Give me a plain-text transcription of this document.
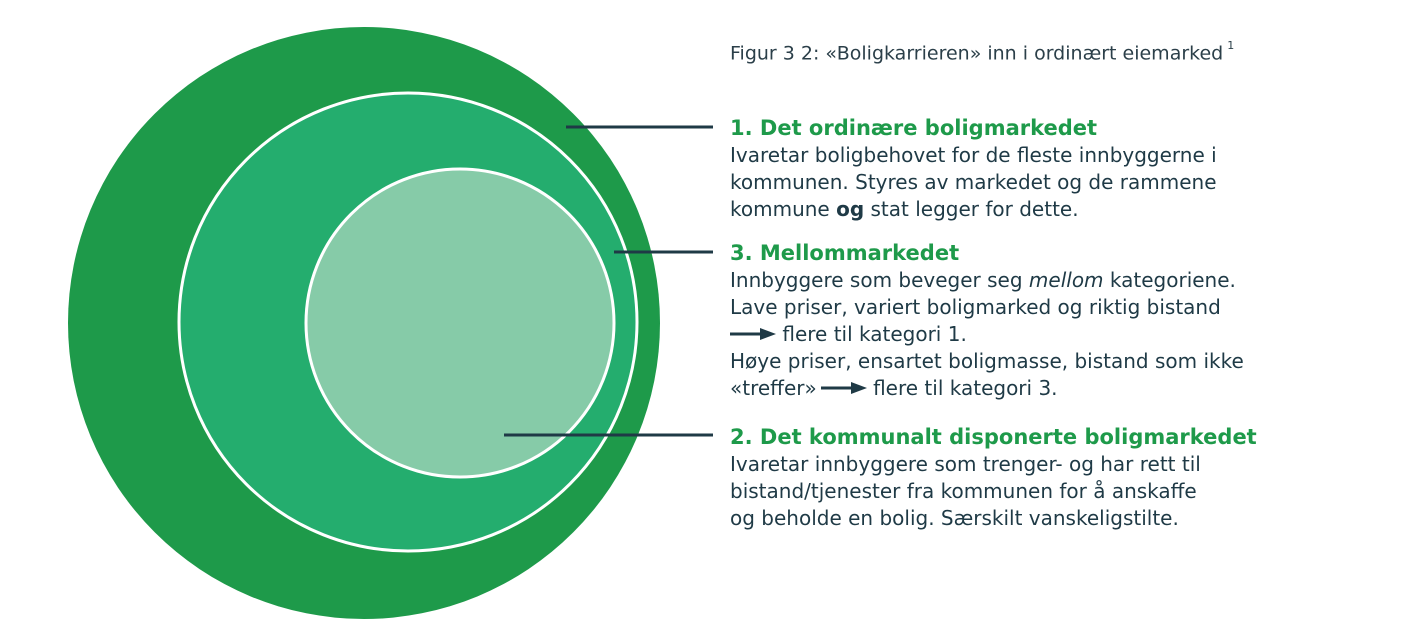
Figur 3 2: «Boligkarrieren» inn i ordinært eiemarked $^1$
1. Det ordinære boligmarkedet
Ivaretar boligbehovet for de fleste innbyggerne i
kommunen. Styres av markedet og de rammene
kommune og stat legger for dette.
3. Mellommarkedet
Innbyggere som beveger seg mellom kategoriene.
Lave priser, variert boligmarked og riktig bistand
flere til kategori 1.
Høye priser, ensartet boligmasse, bistand som ikke
«treffer»	flere til kategori 3.
2. Det kommunalt disponerte boligmarkedet
Ivaretar innbyggere som trenger- og har rett til
bistand/tjenester fra kommunen for å anskaffe
og beholde en bolig. Særskilt vanskeligstilte.
